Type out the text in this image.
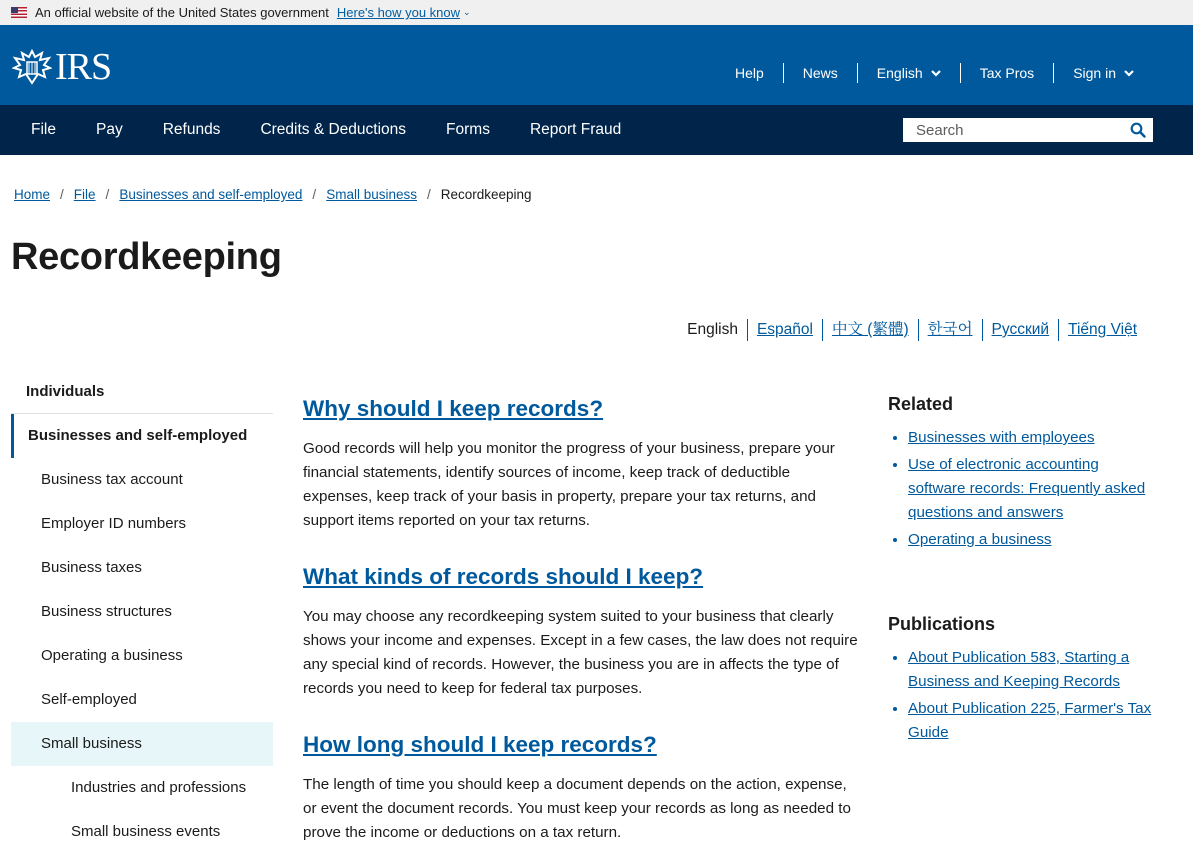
An official website of the United States government Here's how you know ⌄
IRS	Help	News	English	Tax Pros	Sign in
File	Pay	Refunds	Credits & Deductions	Forms	Report Fraud
Search
Home / File / Businesses and self-employed / Small business / Recordkeeping
Recordkeeping
English	Español	中文 (繁體)	한국어	Русский	Tiếng Việt
Individuals
Businesses and self-employed
Business tax account
Employer ID numbers
Business taxes
Business structures
Operating a business
Self-employed
Small business
Industries and professions
Small business events
Why should I keep records?

Good records will help you monitor the progress of your business, prepare your financial statements, identify sources of income, keep track of deductible expenses, keep track of your basis in property, prepare your tax returns, and support items reported on your tax returns.

What kinds of records should I keep?

You may choose any recordkeeping system suited to your business that clearly shows your income and expenses. Except in a few cases, the law does not require any special kind of records. However, the business you are in affects the type of records you need to keep for federal tax purposes.

How long should I keep records?

The length of time you should keep a document depends on the action, expense, or event the document records. You must keep your records as long as needed to prove the income or deductions on a tax return.

Related
• Businesses with employees
• Use of electronic accounting software records: Frequently asked questions and answers
• Operating a business
Publications
• About Publication 583, Starting a Business and Keeping Records
• About Publication 225, Farmer's Tax Guide
